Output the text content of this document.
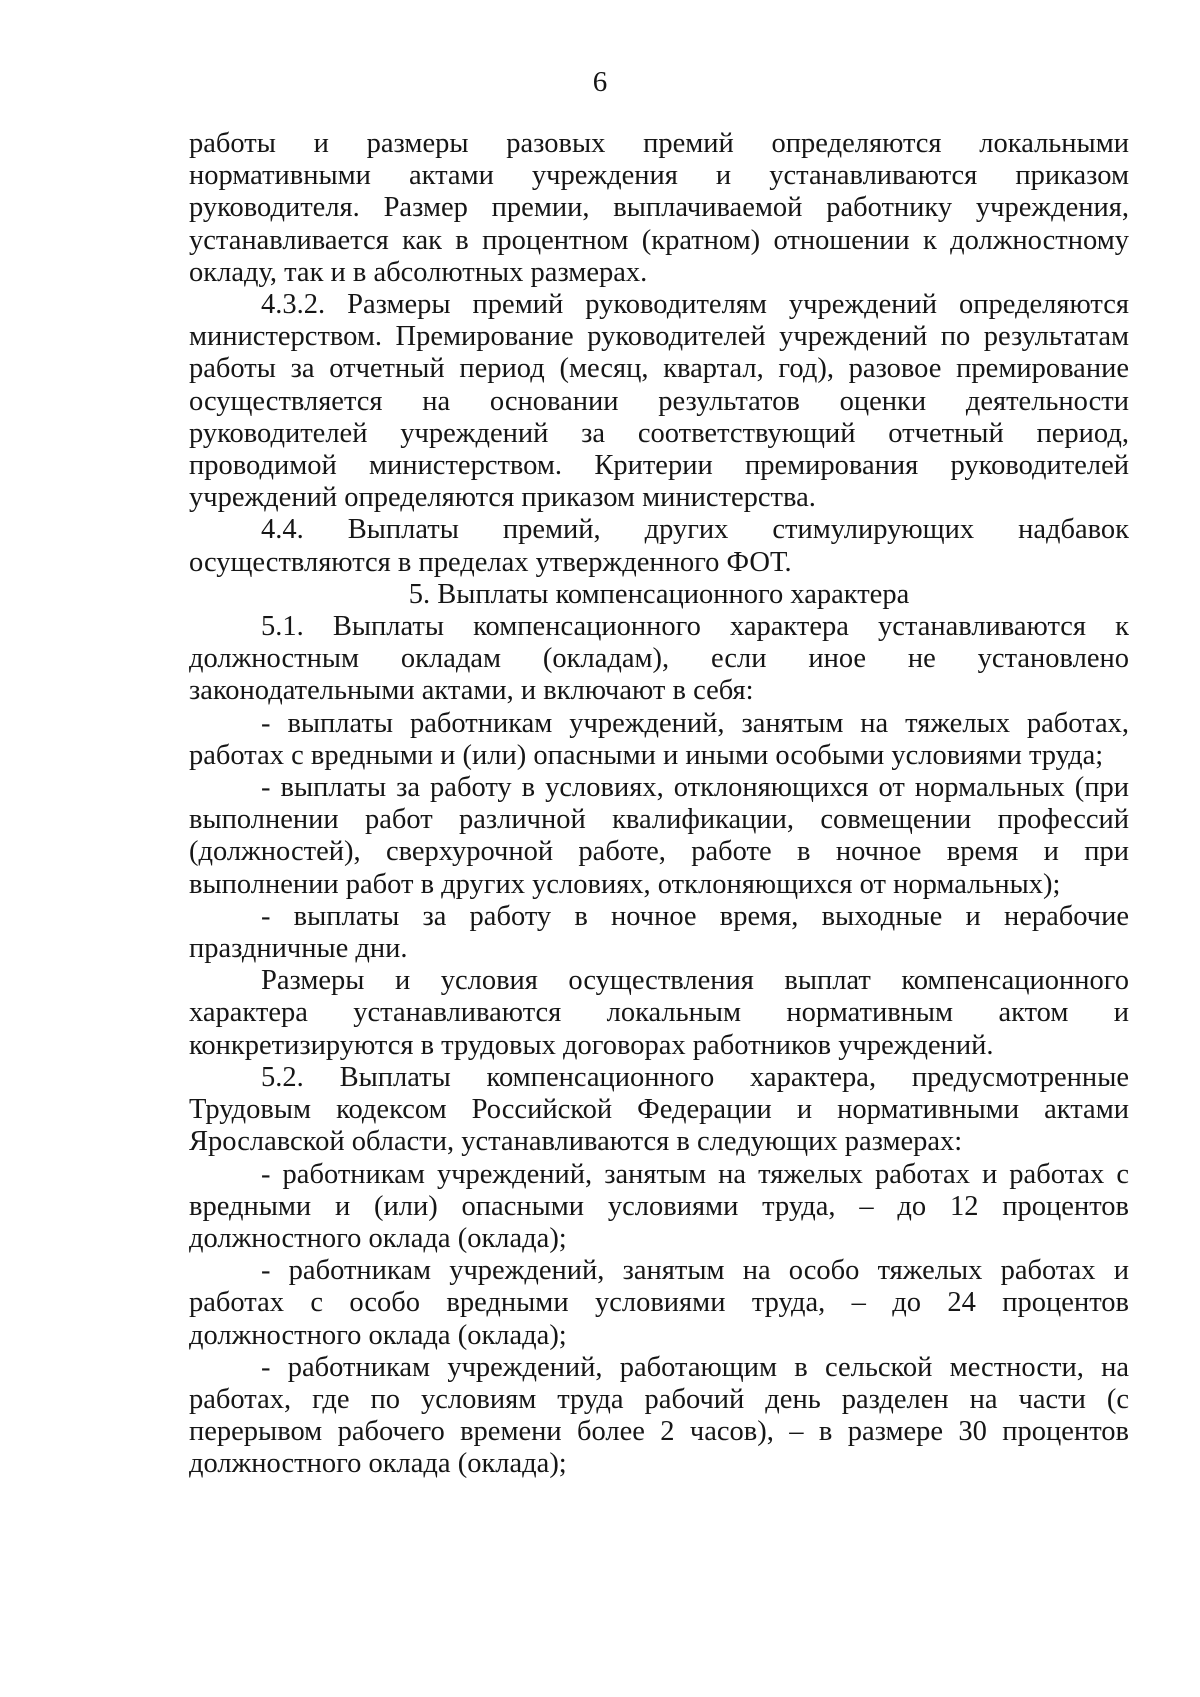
6

работы и размеры разовых премий определяются локальными нормативными актами учреждения и устанавливаются приказом руководителя. Размер премии, выплачиваемой работнику учреждения, устанавливается как в процентном (кратном) отношении к должностному окладу, так и в абсолютных размерах.

4.3.2. Размеры премий руководителям учреждений определяются министерством. Премирование руководителей учреждений по результатам работы за отчетный период (месяц, квартал, год), разовое премирование осуществляется на основании результатов оценки деятельности руководителей учреждений за соответствующий отчетный период, проводимой министерством. Критерии премирования руководителей учреждений определяются приказом министерства.

4.4. Выплаты премий, других стимулирующих надбавок осуществляются в пределах утвержденного ФОТ.

5. Выплаты компенсационного характера

5.1. Выплаты компенсационного характера устанавливаются к должностным окладам (окладам), если иное не установлено законодательными актами, и включают в себя:

- выплаты работникам учреждений, занятым на тяжелых работах, работах с вредными и (или) опасными и иными особыми условиями труда;

- выплаты за работу в условиях, отклоняющихся от нормальных (при выполнении работ различной квалификации, совмещении профессий (должностей), сверхурочной работе, работе в ночное время и при выполнении работ в других условиях, отклоняющихся от нормальных);

- выплаты за работу в ночное время, выходные и нерабочие праздничные дни.

Размеры и условия осуществления выплат компенсационного характера устанавливаются локальным нормативным актом и конкретизируются в трудовых договорах работников учреждений.

5.2. Выплаты компенсационного характера, предусмотренные Трудовым кодексом Российской Федерации и нормативными актами Ярославской области, устанавливаются в следующих размерах:

- работникам учреждений, занятым на тяжелых работах и работах с вредными и (или) опасными условиями труда, – до 12 процентов должностного оклада (оклада);

- работникам учреждений, занятым на особо тяжелых работах и работах с особо вредными условиями труда, – до 24 процентов должностного оклада (оклада);

- работникам учреждений, работающим в сельской местности, на работах, где по условиям труда рабочий день разделен на части (с перерывом рабочего времени более 2 часов), – в размере 30 процентов должностного оклада (оклада);
